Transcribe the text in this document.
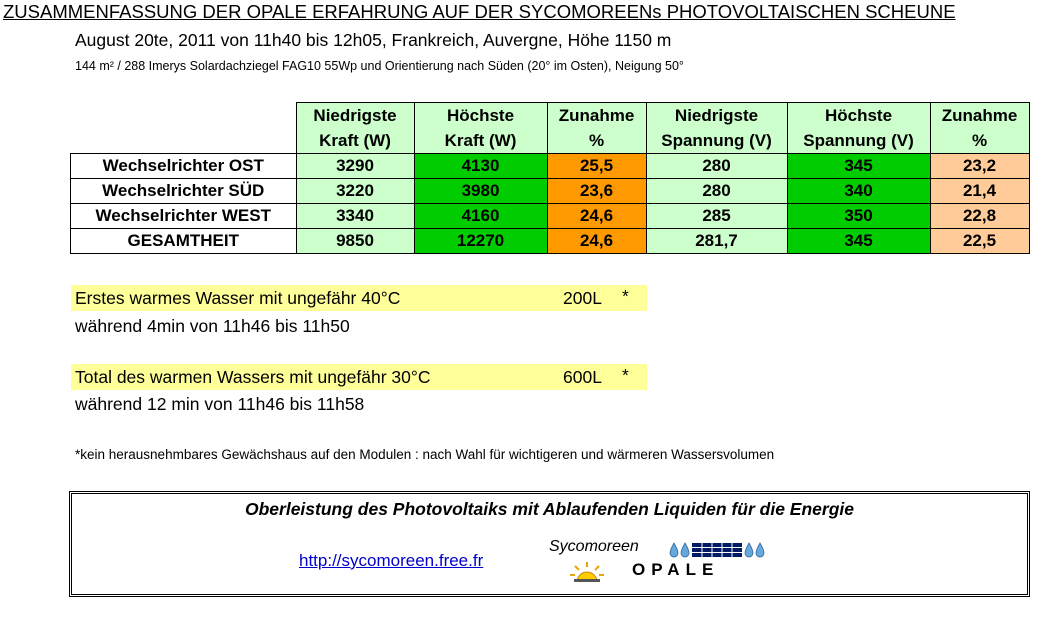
ZUSAMMENFASSUNG DER OPALE ERFAHRUNG AUF DER SYCOMOREENs PHOTOVOLTAISCHEN SCHEUNE
August 20te, 2011 von 11h40 bis 12h05, Frankreich, Auvergne, Höhe 1150 m
144 m² / 288 Imerys Solardachziegel FAG10 55Wp und Orientierung nach Süden (20° im Osten), Neigung 50°
	Niedrigste	Höchste	Zunahme	Niedrigste	Höchste	Zunahme
	Kraft (W)	Kraft (W)	%	Spannung (V)	Spannung (V)	%
Wechselrichter OST	3290	4130	25,5	280	345	23,2
Wechselrichter SÜD	3220	3980	23,6	280	340	21,4
Wechselrichter WEST	3340	4160	24,6	285	350	22,8
GESAMTHEIT	9850	12270	24,6	281,7	345	22,5
Erstes warmes Wasser mit ungefähr 40°C	200L *
während 4min von 11h46 bis 11h50
Total des warmen Wassers mit ungefähr 30°C	600L *
während 12 min von 11h46 bis 11h58
*kein herausnehmbares Gewächshaus auf den Modulen : nach Wahl für wichtigeren und wärmeren Wassersvolumen
Oberleistung des Photovoltaiks mit Ablaufenden Liquiden für die Energie
http://sycomoreen.free.fr
Sycomoreen
OPALE
